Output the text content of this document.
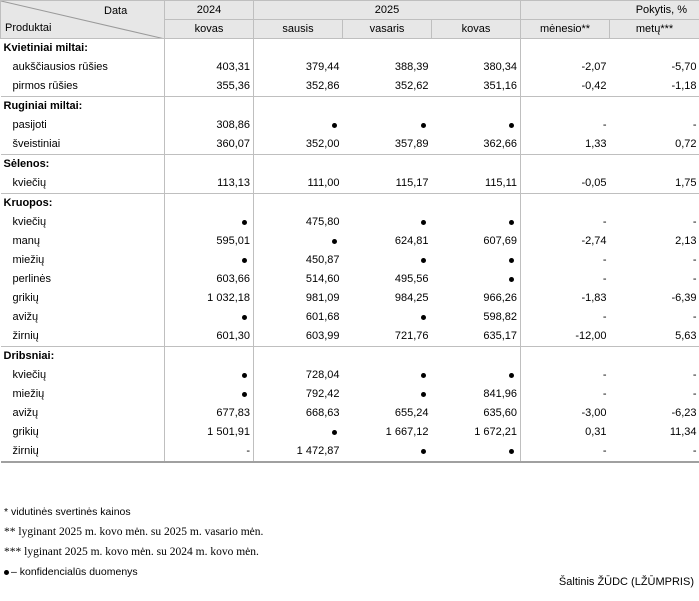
Data
Produktai	2024	2025			Pokytis, %	
	kovas	sausis	vasaris	kovas	mėnesio**	metų***
Kvietiniai miltai:						
aukščiausios rūšies	403,31	379,44	388,39	380,34	-2,07	-5,70
pirmos rūšies	355,36	352,86	352,62	351,16	-0,42	-1,18
Ruginiai miltai:						
pasijoti	308,86				-	-
šveistiniai	360,07	352,00	357,89	362,66	1,33	0,72
Sėlenos:						
kviečių	113,13	111,00	115,17	115,11	-0,05	1,75
Kruopos:						
kviečių		475,80			-	-
manų	595,01		624,81	607,69	-2,74	2,13
miežių		450,87			-	-
perlinės	603,66	514,60	495,56		-	-
grikių	1 032,18	981,09	984,25	966,26	-1,83	-6,39
avižų		601,68		598,82	-	-
žirnių	601,30	603,99	721,76	635,17	-12,00	5,63
Dribsniai:						
kviečių		728,04			-	-
miežių		792,42		841,96	-	-
avižų	677,83	668,63	655,24	635,60	-3,00	-6,23
grikių	1 501,91		1 667,12	1 672,21	0,31	11,34
žirnių	-	1 472,87			-	-
* vidutinės svertinės kainos
** lyginant 2025 m. kovo mėn. su 2025 m. vasario mėn.
*** lyginant 2025 m. kovo mėn. su 2024 m. kovo mėn.
– konfidencialūs duomenys
Šaltinis ŽŪDC (LŽŪMPRIS)
